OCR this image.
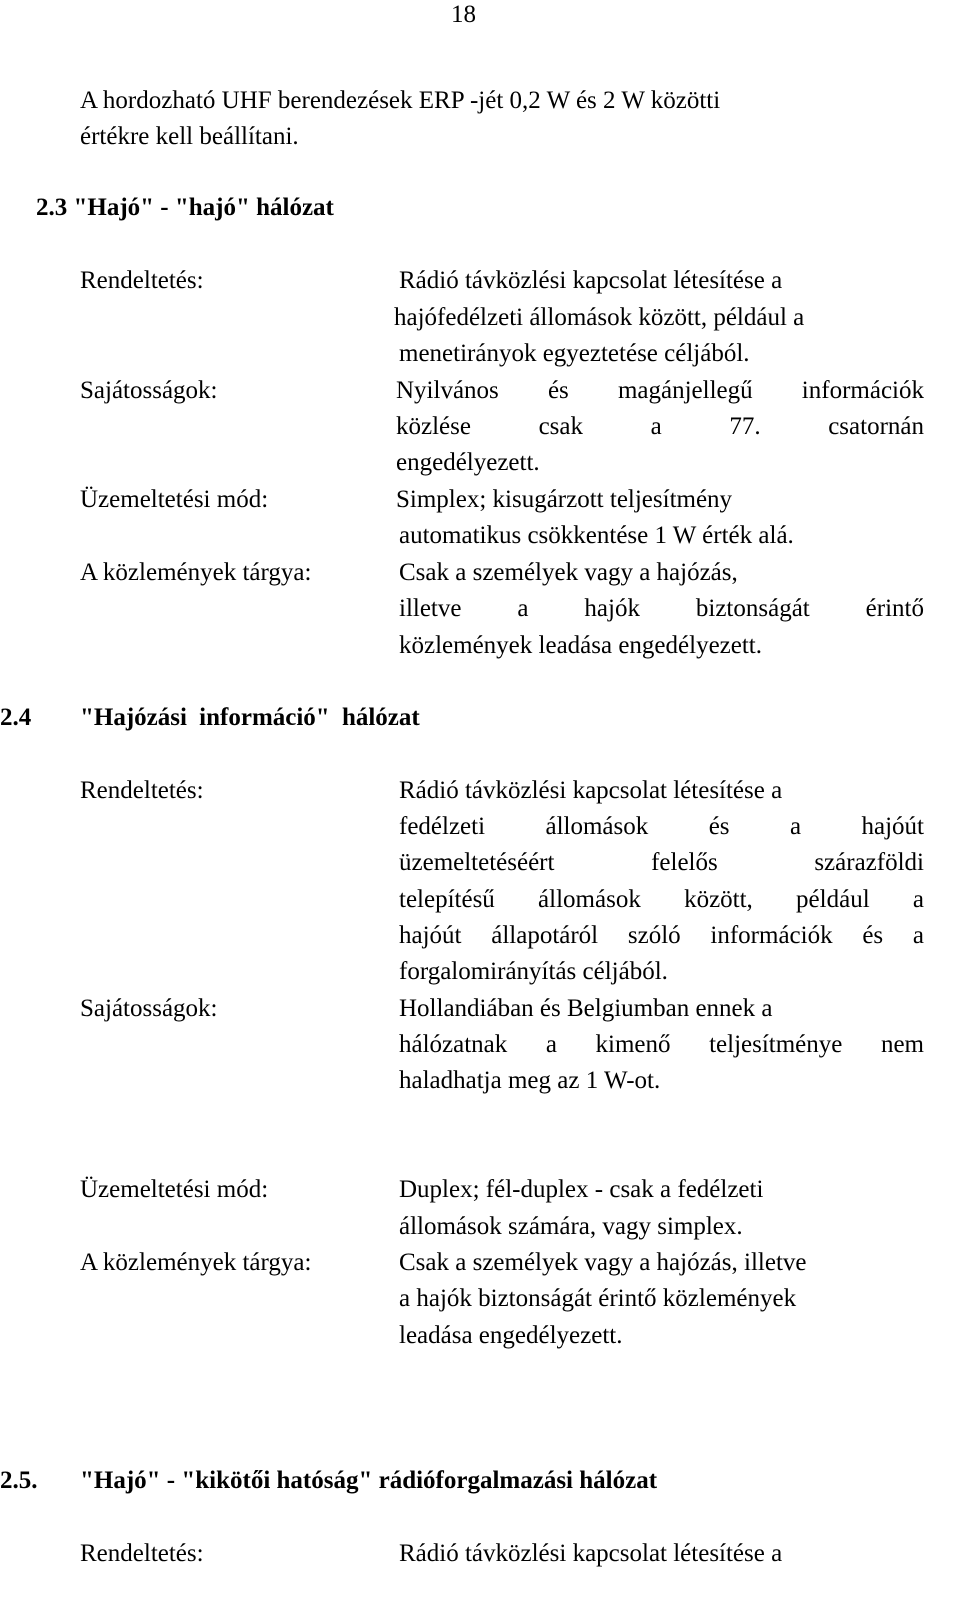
18
A hordozható UHF berendezések ERP -jét 0,2 W és 2 W közötti
értékre kell beállítani.
2.3 "Hajó" - "hajó" hálózat
Rendeltetés:	Rádió távközlési kapcsolat létesítése a
hajófedélzeti állomások között, például a
menetirányok egyeztetése céljából.
Sajátosságok:	Nyilvános és magánjellegű információk
közlése csak a 77. csatornán
engedélyezett.
Üzemeltetési mód:	Simplex; kisugárzott teljesítmény
automatikus csökkentése 1 W érték alá.
A közlemények tárgya:	Csak a személyek vagy a hajózás,
illetve a hajók biztonságát érintő
közlemények leadása engedélyezett.
2.4 "Hajózási információ" hálózat
Rendeltetés:	Rádió távközlési kapcsolat létesítése a
fedélzeti állomások és a hajóút
üzemeltetéséért felelős szárazföldi
telepítésű állomások között, például a
hajóút állapotáról szóló információk és a
forgalomirányítás céljából.
Sajátosságok:	Hollandiában és Belgiumban ennek a
hálózatnak a kimenő teljesítménye nem
haladhatja meg az 1 W-ot.
Üzemeltetési mód:	Duplex; fél-duplex - csak a fedélzeti
állomások számára, vagy simplex.
A közlemények tárgya:	Csak a személyek vagy a hajózás, illetve
a hajók biztonságát érintő közlemények
leadása engedélyezett.
2.5. "Hajó" - "kikötői hatóság" rádióforgalmazási hálózat
Rendeltetés:	Rádió távközlési kapcsolat létesítése a
